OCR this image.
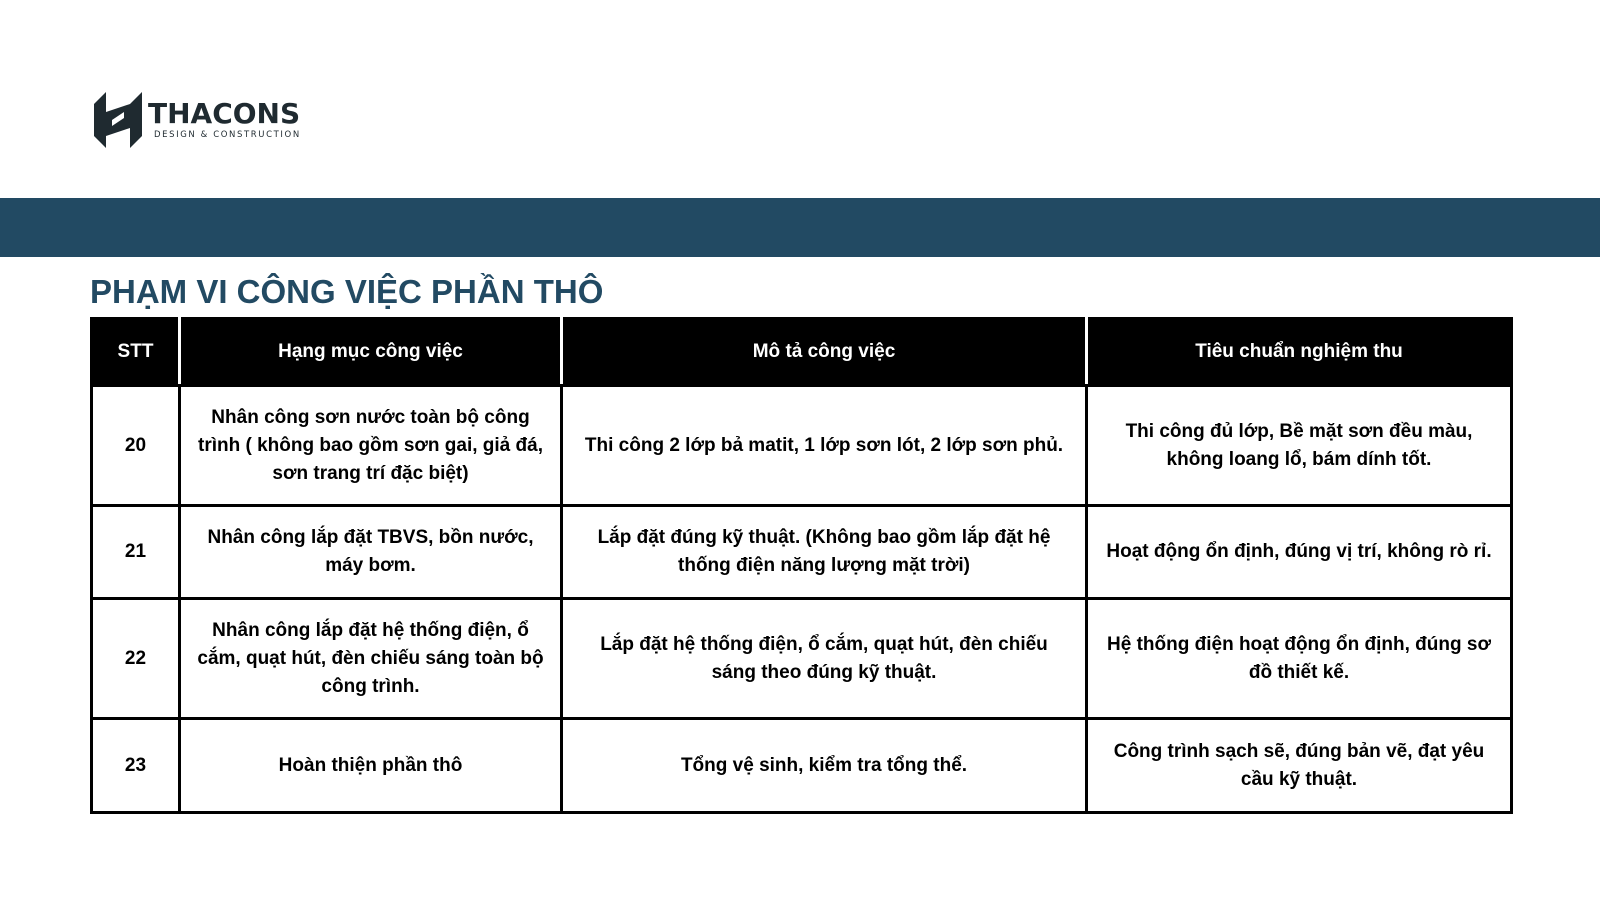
THACONS
DESIGN & CONSTRUCTION
PHẠM VI CÔNG VIỆC PHẦN THÔ
STT	Hạng mục công việc	Mô tả công việc	Tiêu chuẩn nghiệm thu
20	Nhân công sơn nước toàn bộ công trình ( không bao gồm sơn gai, giả đá, sơn trang trí đặc biệt)	Thi công 2 lớp bả matit, 1 lớp sơn lót, 2 lớp sơn phủ.	Thi công đủ lớp, Bề mặt sơn đều màu, không loang lổ, bám dính tốt.
21	Nhân công lắp đặt TBVS, bồn nước, máy bơm.	Lắp đặt đúng kỹ thuật. (Không bao gồm lắp đặt hệ thống điện năng lượng mặt trời)	Hoạt động ổn định, đúng vị trí, không rò rỉ.
22	Nhân công lắp đặt hệ thống điện, ổ cắm, quạt hút, đèn chiếu sáng toàn bộ công trình.	Lắp đặt hệ thống điện, ổ cắm, quạt hút, đèn chiếu sáng theo đúng kỹ thuật.	Hệ thống điện hoạt động ổn định, đúng sơ đồ thiết kế.
23	Hoàn thiện phần thô	Tổng vệ sinh, kiểm tra tổng thể.	Công trình sạch sẽ, đúng bản vẽ, đạt yêu cầu kỹ thuật.
